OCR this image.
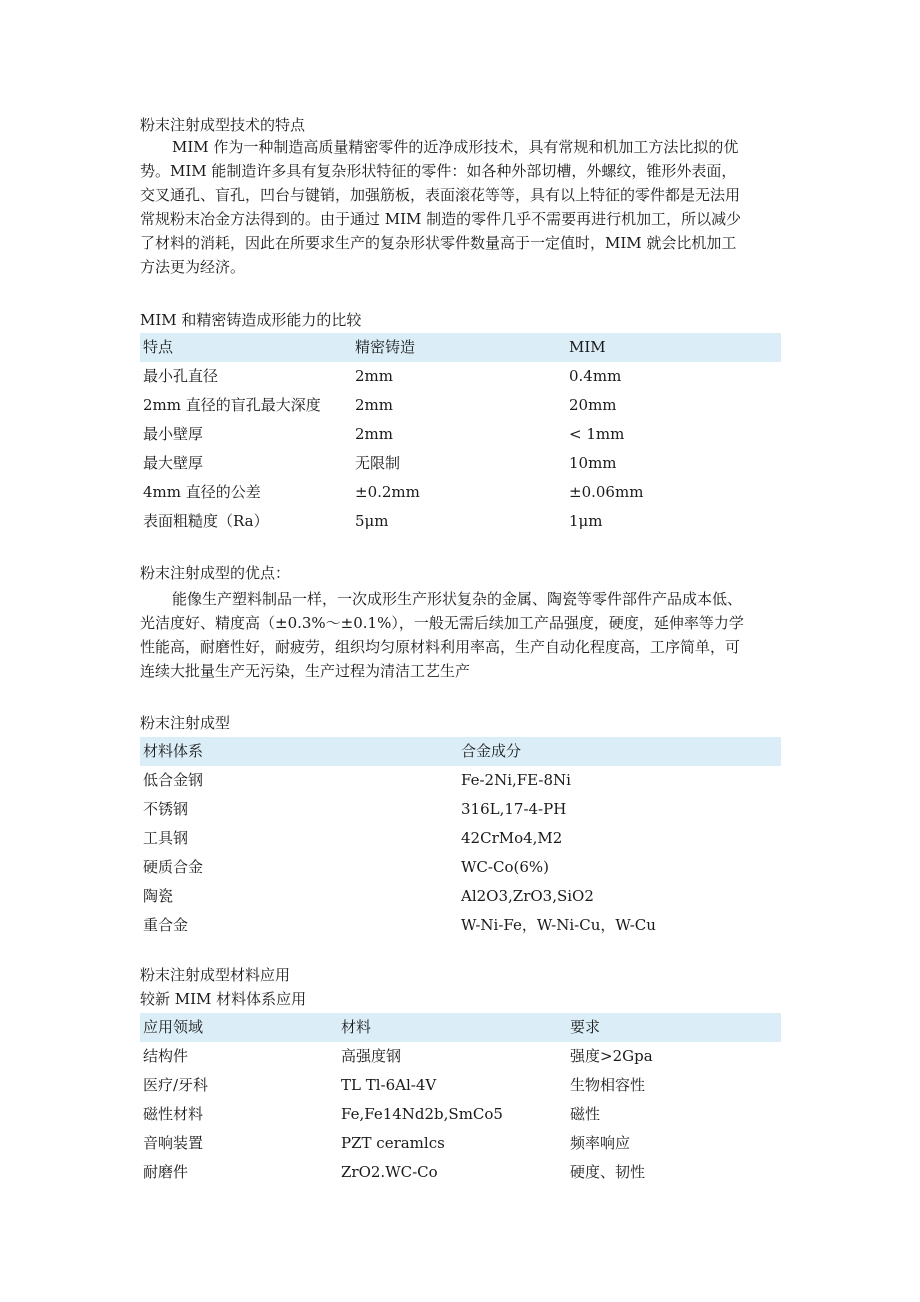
粉末注射成型技术的特点
MIM 作为一种制造高质量精密零件的近净成形技术，具有常规和机加工方法比拟的优
势。MIM 能制造许多具有复杂形状特征的零件：如各种外部切槽，外螺纹，锥形外表面，
交叉通孔、盲孔，凹台与键销，加强筋板，表面滚花等等，具有以上特征的零件都是无法用
常规粉末冶金方法得到的。由于通过 MIM 制造的零件几乎不需要再进行机加工，所以减少
了材料的消耗，因此在所要求生产的复杂形状零件数量高于一定值时，MIM 就会比机加工
方法更为经济。
MIM 和精密铸造成形能力的比较
特点	精密铸造	MIM
最小孔直径	2mm	0.4mm
2mm 直径的盲孔最大深度	2mm	20mm
最小壁厚	2mm	< 1mm
最大壁厚	无限制	10mm
4mm 直径的公差	±0.2mm	±0.06mm
表面粗糙度（Ra）	5μm	1μm
粉末注射成型的优点：
能像生产塑料制品一样，一次成形生产形状复杂的金属、陶瓷等零件部件产品成本低、
光洁度好、精度高（±0.3%～±0.1%），一般无需后续加工产品强度，硬度，延伸率等力学
性能高，耐磨性好，耐疲劳，组织均匀原材料利用率高，生产自动化程度高，工序简单，可
连续大批量生产无污染，生产过程为清洁工艺生产
粉末注射成型
材料体系	合金成分
低合金钢	Fe-2Ni,FE-8Ni
不锈钢	316L,17-4-PH
工具钢	42CrMo4,M2
硬质合金	WC-Co(6%)
陶瓷	Al2O3,ZrO3,SiO2
重合金	W-Ni-Fe，W-Ni-Cu，W-Cu
粉末注射成型材料应用
较新 MIM 材料体系应用
应用领域	材料	要求
结构件	高强度钢	强度>2Gpa
医疗/牙科	TL Tl-6Al-4V	生物相容性
磁性材料	Fe,Fe14Nd2b,SmCo5	磁性
音响装置	PZT ceramlcs	频率响应
耐磨件	ZrO2.WC-Co	硬度、韧性
